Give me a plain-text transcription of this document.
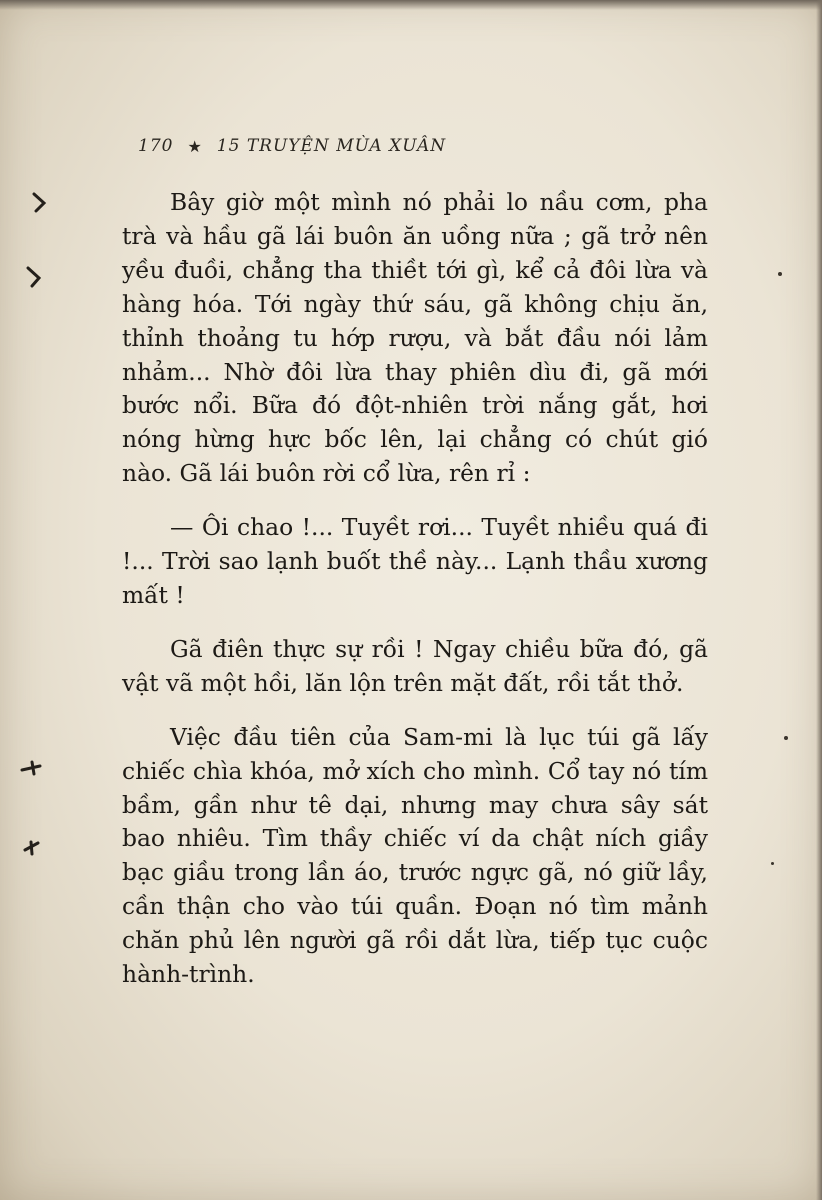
170 ★ 15 TRUYỆN MÙA XUÂN

Bây giờ một mình nó phải lo nầu cơm, pha trà và hầu gã lái buôn ăn uồng nữa ; gã trở nên yều đuồi, chẳng tha thiềt tới gì, kể cả đôi lừa và hàng hóa. Tới ngày thứ sáu, gã không chịu ăn, thỉnh thoảng tu hớp rượu, và bắt đầu nói lảm nhảm... Nhờ đôi lừa thay phiên dìu đi, gã mới bước nổi. Bữa đó đột-nhiên trời nắng gắt, hơi nóng hừng hực bốc lên, lại chẳng có chút gió nào. Gã lái buôn rời cổ lừa, rên rỉ :

— Ôi chao !... Tuyềt rơi... Tuyềt nhiều quá đi !... Trời sao lạnh buốt thề này... Lạnh thầu xương mất !

Gã điên thực sự rồi ! Ngay chiều bữa đó, gã vật vã một hồi, lăn lộn trên mặt đất, rồi tắt thở.

Việc đầu tiên của Sam-mi là lục túi gã lấy chiếc chìa khóa, mở xích cho mình. Cổ tay nó tím bầm, gần như tê dại, nhưng may chưa sây sát bao nhiêu. Tìm thầy chiếc ví da chật ních giầy bạc giầu trong lần áo, trước ngực gã, nó giữ lầy, cần thận cho vào túi quần. Đoạn nó tìm mảnh chăn phủ lên người gã rồi dắt lừa, tiếp tục cuộc hành-trình.
